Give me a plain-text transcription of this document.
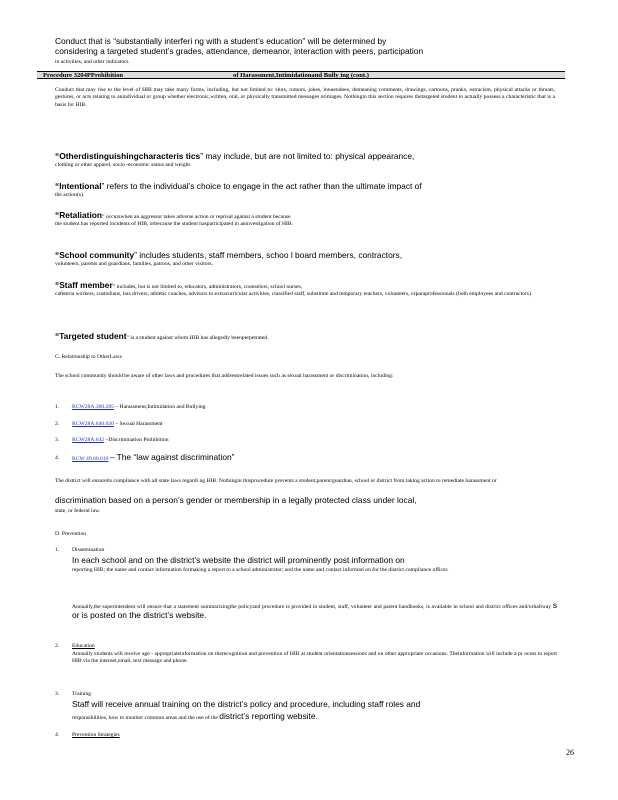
Conduct that is “substantially interferi ng with a student’s education” will be determined by
considering a targeted student’s grades, attendance, demeanor, interaction with peers, participation
in activities, and other indicators.
Procedure 3204PProhibition	of Harassment,Intimidationand Bully ing (cont.)
Conduct that may rise to the level of HIB may take many forms, including, but not limited to: slurs, rumors, jokes, innuendoes, demeaning comments, drawings, cartoons, pranks, ostracism, physical attacks or threats, gestures, or acts relating to anindividual or group whether electronic,written, oral, or physically transmitted messages orimages. Nothingin this section requires thetargeted student to actually possess a characteristic that is a basis for HIB.
“Otherdistinguishingcharacteris tics” may include, but are not limited to: physical appearance,
clothing or other apparel, socio -economic status and weight.
“Intentional” refers to the individual’s choice to engage in the act rather than the ultimate impact of
the action(s).
“Retaliation” occurswhen an aggressor takes adverse action or reprisal against a student because
the student has reported incidents of HIB, orbecause the student hasparticipated in aninvestigation of HIB.
“School community” includes students, staff members, schoo l board members, contractors,
volunteers, parents and guardians, families, patrons, and other visitors.
“Staff member” includes, but is not limited to, educators, administrators, counselors, school nurses,
cafeteria workers, custodians, bus drivers, athletic coaches, advisors to extracurricular activities, classified staff, substitute and temporary teachers, volunteers, orparaprofessionals (both employees and contractors).
“Targeted student” is a student against whom HIB has allegedly beenperpetrated.
C. Relationship to OtherLaws
The school community should be aware of other laws and procedures that addressrelated issues such as sexual harassment or discrimination, including:
1. RCW28A.300.285 – Harassment,Intimidation and Bullying
2. RCW28A.640.020 – Sexual Harassment
3. RCW28A.642 –Discrimination Prohibition
4. RCW 49.60.010 – The “law against discrimination”
The district will ensureits compliance with all state laws regardi ng HIB. Nothingin thisprocedure prevents a student,parent/guardian, school or district from taking action to remediate harassment or
discrimination based on a person’s gender or membership in a legally protected class under local,
state, or federal law.
D. Prevention
1. Dissemination
In each school and on the district’s website the district will prominently post information on
reporting HIB; the name and contact information formaking a report to a school administrator; and the name and contact informati on for the district compliance officer.
Annually,the superintendent will ensure that a statement summarizingthe policyand procedure is provided in student, staff, volunteer and parent handbooks, is available in school and district offices and/orhallway s or is posted on the district’s website.
2. Education
Annually students will receive age - appropriateinformation on therecognition and prevention of HIB at student orientationsessions and on other appropriate occasions. Theinformation will include a pr ocess to report HIB via the internet,email, text message and phone.
3. Training
Staff will receive annual training on the district’s policy and procedure, including staff roles and
responsibilities, how to monitor common areas and the use of the district’s reporting website.
4. Prevention Strategies
26
